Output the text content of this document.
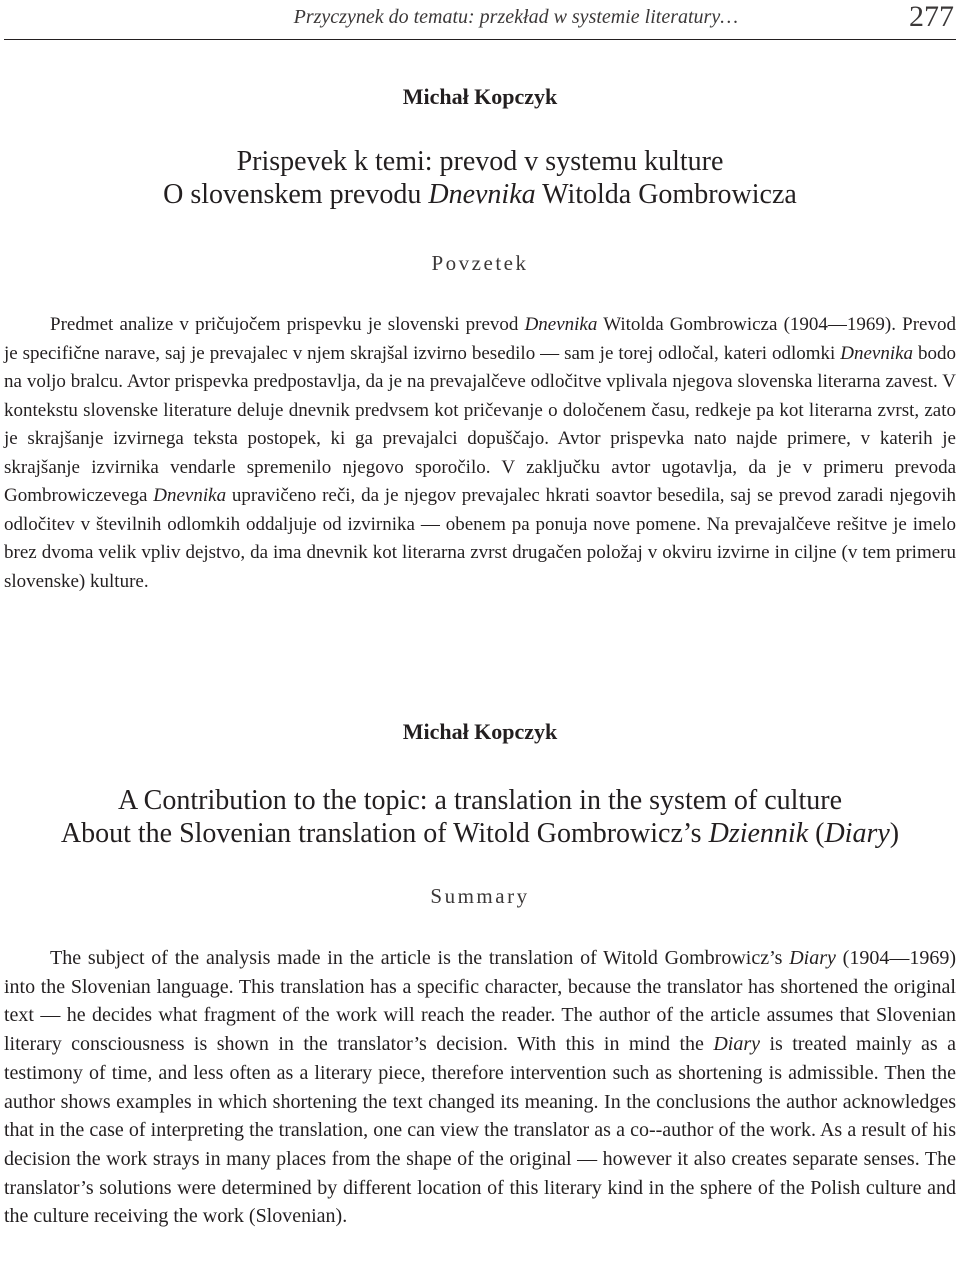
Przyczynek do tematu: przekład w systemie literatury…	277
Michał Kopczyk
Prispevek k temi: prevod v systemu kulture
O slovenskem prevodu Dnevnika Witolda Gombrowicza
Povzetek

Predmet analize v pričujočem prispevku je slovenski prevod Dnevnika Witolda Gombrowicza (1904—1969). Prevod je specifične narave, saj je prevajalec v njem skrajšal izvirno besedilo — sam je torej odločal, kateri odlomki Dnevnika bodo na voljo bralcu. Avtor prispevka predpostavlja, da je na prevajalčeve odločitve vplivala njegova slovenska literarna zavest. V kontekstu slovenske literature deluje dnevnik predvsem kot pričevanje o določenem času, redkeje pa kot literarna zvrst, zato je skrajšanje izvirnega teksta postopek, ki ga prevajalci dopuščajo. Avtor prispevka nato najde primere, v katerih je skrajšanje izvirnika vendarle spremenilo njegovo sporočilo. V zaključku avtor ugotavlja, da je v primeru prevoda Gombrowiczevega Dnevnika upravičeno reči, da je njegov prevajalec hkrati soavtor besedila, saj se prevod zaradi njegovih odločitev v številnih odlomkih oddaljuje od izvirnika — obenem pa ponuja nove pomene. Na prevajalčeve rešitve je imelo brez dvoma velik vpliv dejstvo, da ima dnevnik kot literarna zvrst drugačen položaj v okviru izvirne in ciljne (v tem primeru slovenske) kulture.

Michał Kopczyk
A Contribution to the topic: a translation in the system of culture
About the Slovenian translation of Witold Gombrowicz’s Dziennik (Diary)
Summary

The subject of the analysis made in the article is the translation of Witold Gombrowicz’s Diary (1904—1969) into the Slovenian language. This translation has a specific character, because the translator has shortened the original text — he decides what fragment of the work will reach the reader. The author of the article assumes that Slovenian literary consciousness is shown in the translator’s decision. With this in mind the Diary is treated mainly as a testimony of time, and less often as a literary piece, therefore intervention such as shortening is admissible. Then the author shows examples in which shortening the text changed its meaning. In the conclusions the author acknowledges that in the case of interpreting the translation, one can view the translator as a co--author of the work. As a result of his decision the work strays in many places from the shape of the original — however it also creates separate senses. The translator’s solutions were determined by different location of this literary kind in the sphere of the Polish culture and the culture receiving the work (Slovenian).
